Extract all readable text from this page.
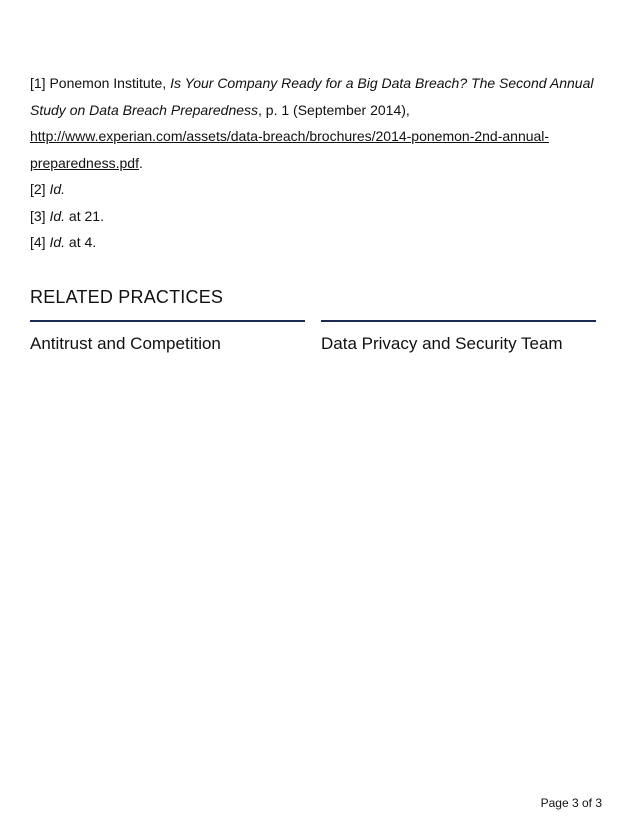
[1] Ponemon Institute, Is Your Company Ready for a Big Data Breach? The Second Annual Study on Data Breach Preparedness, p. 1 (September 2014),
http://www.experian.com/assets/data-breach/brochures/2014-ponemon-2nd-annual-preparedness.pdf.

[2] Id.

[3] Id. at 21.

[4] Id. at 4.

RELATED PRACTICES
Antitrust and Competition	Data Privacy and Security Team
Page 3 of 3
